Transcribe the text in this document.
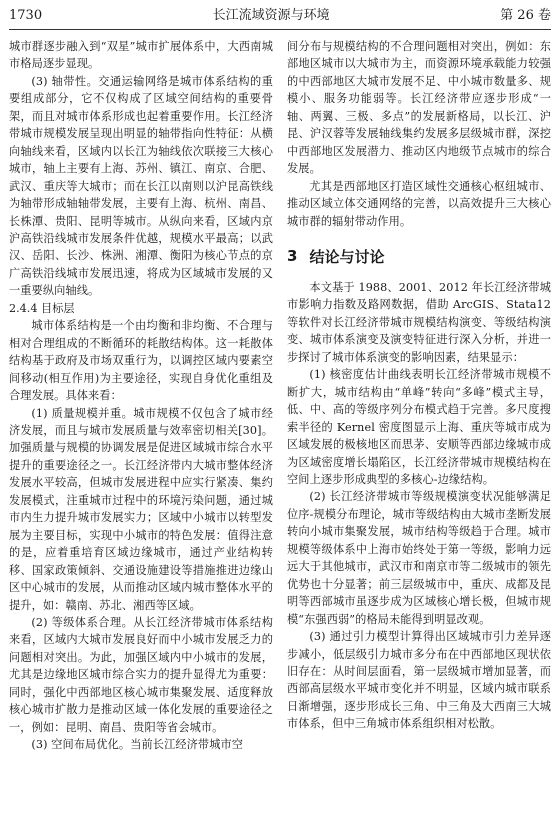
1730	长江流域资源与环境	第 26 卷

城市群逐步融入到“双星”城市扩展体系中，大西南城市格局逐步显现。

(3) 轴带性。交通运输网络是城市体系结构的重要组成部分，它不仅构成了区域空间结构的重要骨架，而且对城市体系形成也起着重要作用。长江经济带城市规模发展呈现出明显的轴带指向性特征：从横向轴线来看，区域内以长江为轴线依次联接三大核心城市，轴上主要有上海、苏州、镇江、南京、合肥、武汉、重庆等大城市；而在长江以南则以沪昆高铁线为轴带形成轴轴带发展，主要有上海、杭州、南昌、长株潭、贵阳、昆明等城市。从纵向来看，区域内京沪高铁沿线城市发展条件优越，规模水平最高；以武汉、岳阳、长沙、株洲、湘潭、衡阳为核心节点的京广高铁沿线城市发展迅速，将成为区域城市发展的又一重要纵向轴线。

2.4.4 目标层

城市体系结构是一个由均衡和非均衡、不合理与相对合理组成的不断循环的耗散结构体。这一耗散体结构基于政府及市场双重行为，以调控区域内要素空间移动(相互作用)为主要途径，实现自身优化重组及合理发展。具体来看：

(1) 质量规模并重。城市规模不仅包含了城市经济发展，而且与城市发展质量与效率密切相关[30]。加强质量与规模的协调发展是促进区域城市综合水平提升的重要途径之一。长江经济带内大城市整体经济发展水平较高，但城市发展进程中应实行紧凑、集约发展模式，注重城市过程中的环境污染问题，通过城市内生力提升城市发展实力；区域中小城市以转型发展为主要目标，实现中小城市的特色发展：值得注意的是，应着重培育区域边缘城市，通过产业结构转移、国家政策倾斜、交通设施建设等措施推进边缘山区中心城市的发展，从而推动区域内城市整体水平的提升，如：赣南、苏北、湘西等区域。

(2) 等级体系合理。从长江经济带城市体系结构来看，区域内大城市发展良好而中小城市发展乏力的问题相对突出。为此，加强区域内中小城市的发展，尤其是边缘地区城市综合实力的提升显得尤为重要：同时，强化中西部地区核心城市集聚发展、适度释放核心城市扩散力是推动区域一体化发展的重要途径之一，例如：昆明、南昌、贵阳等省会城市。

(3) 空间布局优化。当前长江经济带城市空

间分布与规模结构的不合理问题相对突出，例如：东部地区城市以大城市为主，而资源环境承载能力较强的中西部地区大城市发展不足、中小城市数量多、规模小、服务功能弱等。长江经济带应逐步形成“一轴、两翼、三极、多点”的发展新格局，以长江、沪昆、沪汉蓉等发展轴线集约发展多层级城市群，深挖中西部地区发展潜力、推动区内地级节点城市的综合发展。

尤其是西部地区打造区域性交通核心枢纽城市、推动区域立体交通网络的完善，以高效提升三大核心城市群的辐射带动作用。

3 结论与讨论

本文基于 1988、2001、2012 年长江经济带城市影响力指数及路网数据，借助 ArcGIS、Stata12 等软件对长江经济带城市规模结构演变、等级结构演变、城市体系演变及演变特征进行深入分析，并进一步探讨了城市体系演变的影响因素，结果显示：

(1) 核密度估计曲线表明长江经济带城市规模不断扩大，城市结构由“单峰”转向“多峰”模式主导，低、中、高的等级序列分布模式趋于完善。多尺度搜索半径的 Kernel 密度图显示上海、重庆等城市成为区域发展的极核地区而思茅、安顺等西部边缘城市成为区域密度增长塌陷区，长江经济带城市规模结构在空间上逐步形成典型的多核心-边缘结构。

(2) 长江经济带城市等级规模演变状况能够满足位序-规模分布理论，城市等级结构由大城市垄断发展转向小城市集聚发展，城市结构等级趋于合理。城市规模等级体系中上海市始终处于第一等级，影响力远远大于其他城市，武汉市和南京市等二级城市的领先优势也十分显著；前三层级城市中，重庆、成都及昆明等西部城市虽逐步成为区域核心增长极，但城市规模“东强西弱”的格局未能得到明显改观。

(3) 通过引力模型计算得出区域城市引力差异逐步减小，低层级引力城市多分布在中西部地区现状依旧存在：从时间层面看，第一层级城市增加显著，而西部高层级水平城市变化并不明显，区域内城市联系日渐增强，逐步形成长三角、中三角及大西南三大城市体系，但中三角城市体系组织相对松散。
